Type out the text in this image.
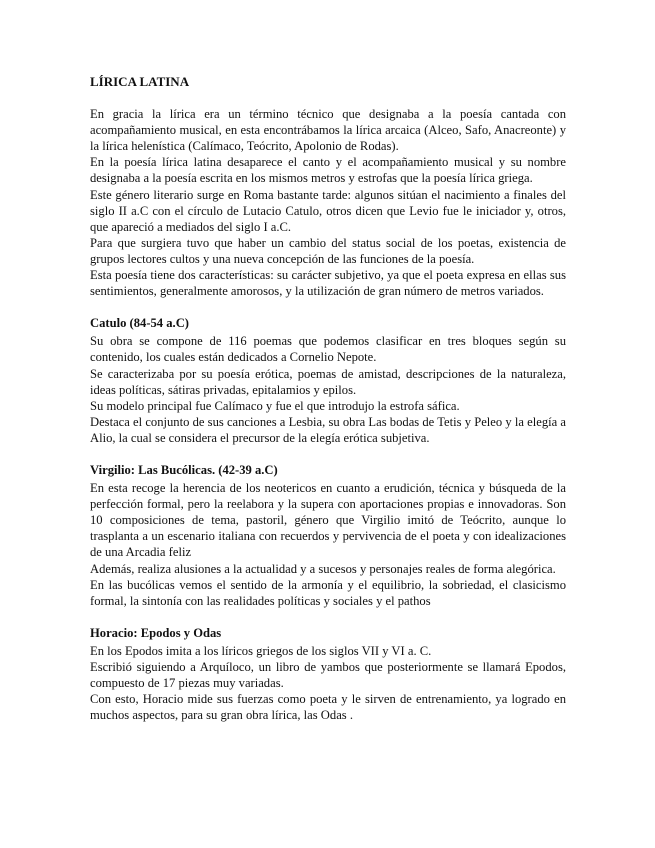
LÍRICA LATINA

En gracia la lírica era un término técnico que designaba a la poesía cantada con acompañamiento musical, en esta encontrábamos la lírica arcaica (Alceo, Safo, Anacreonte) y la lírica helenística (Calímaco, Teócrito, Apolonio de Rodas).

En la poesía lírica latina desaparece el canto y el acompañamiento musical y su nombre designaba a la poesía escrita en los mismos metros y estrofas que la poesía lírica griega.

Este género literario surge en Roma bastante tarde: algunos sitúan el nacimiento a finales del siglo II a.C con el círculo de Lutacio Catulo, otros dicen que Levio fue le iniciador y, otros, que apareció a mediados del siglo I a.C.

Para que surgiera tuvo que haber un cambio del status social de los poetas, existencia de grupos lectores cultos y una nueva concepción de las funciones de la poesía.

Esta poesía tiene dos características: su carácter subjetivo, ya que el poeta expresa en ellas sus sentimientos, generalmente amorosos, y la utilización de gran número de metros variados.

Catulo (84-54 a.C)

Su obra se compone de 116 poemas que podemos clasificar en tres bloques según su contenido, los cuales están dedicados a Cornelio Nepote.

Se caracterizaba por su poesía erótica, poemas de amistad, descripciones de la naturaleza, ideas políticas, sátiras privadas, epitalamios y epilos.

Su modelo principal fue Calímaco y fue el que introdujo la estrofa sáfica.

Destaca el conjunto de sus canciones a Lesbia, su obra Las bodas de Tetis y Peleo y la elegía a Alio, la cual se considera el precursor de la elegía erótica subjetiva.

Virgilio: Las Bucólicas. (42-39 a.C)

En esta recoge la herencia de los neotericos en cuanto a erudición, técnica y búsqueda de la perfección formal, pero la reelabora y la supera con aportaciones propias e innovadoras. Son 10 composiciones de tema, pastoril, género que Virgilio imitó de Teócrito, aunque lo trasplanta a un escenario italiana con recuerdos y pervivencia de el poeta y con idealizaciones de una Arcadia feliz

Además, realiza alusiones a la actualidad y a sucesos y personajes reales de forma alegórica.

En las bucólicas vemos el sentido de la armonía y el equilibrio, la sobriedad, el clasicismo formal, la sintonía con las realidades políticas y sociales y el pathos

Horacio: Epodos y Odas

En los Epodos imita a los líricos griegos de los siglos VII y VI a. C.

Escribió siguiendo a Arquíloco, un libro de yambos que posteriormente se llamará Epodos, compuesto de 17 piezas muy variadas.

Con esto, Horacio mide sus fuerzas como poeta y le sirven de entrenamiento, ya logrado en muchos aspectos, para su gran obra lírica, las Odas .
